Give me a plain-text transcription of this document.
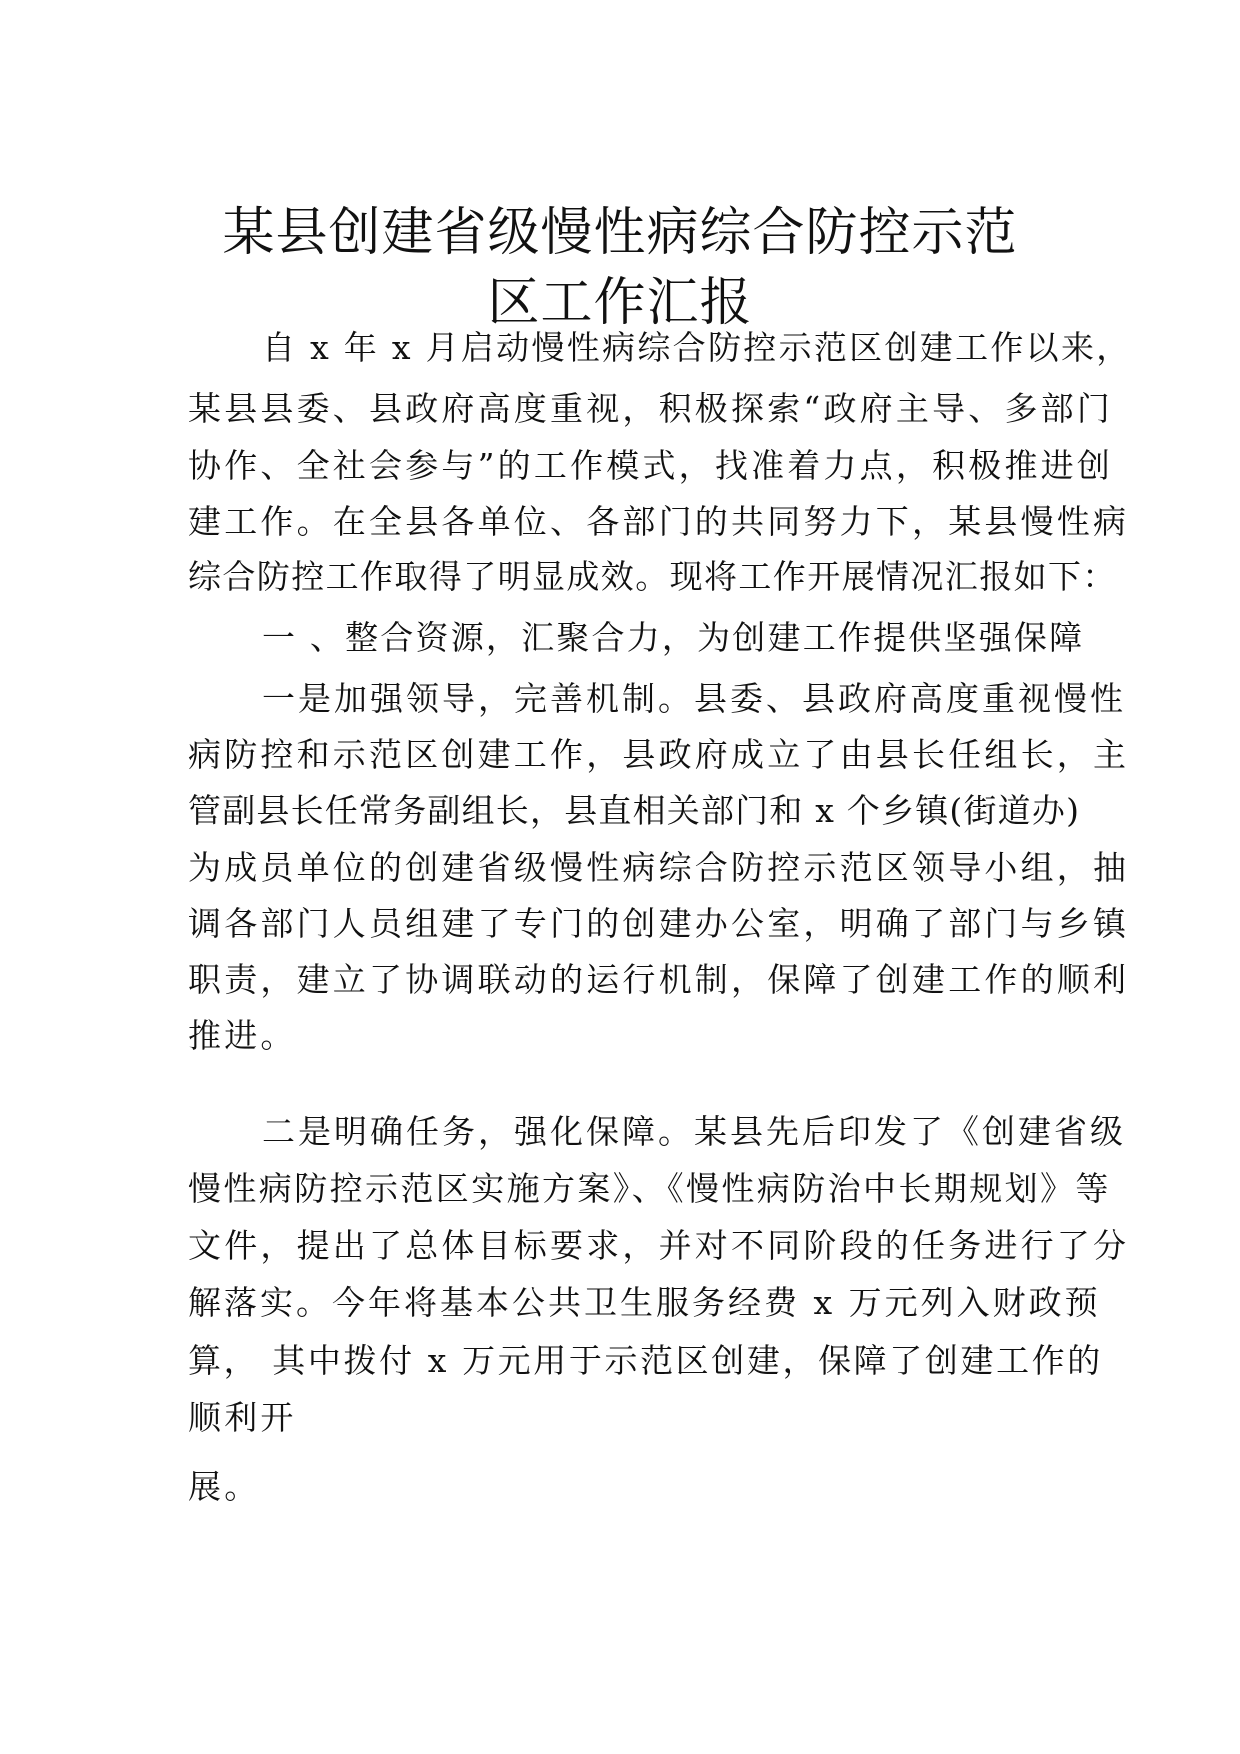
某县创建省级慢性病综合防控示范
区工作汇报
自 x 年 x 月启动慢性病综合防控示范区创建工作以来，
某县县委、县政府高度重视，积极探索“政府主导、多部门
协作、全社会参与”的工作模式，找准着力点，积极推进创
建工作。在全县各单位、各部门的共同努力下，某县慢性病
综合防控工作取得了明显成效。现将工作开展情况汇报如下：
一 、整合资源，汇聚合力，为创建工作提供坚强保障
一是加强领导，完善机制。县委、县政府高度重视慢性
病防控和示范区创建工作，县政府成立了由县长任组长，主
管副县长任常务副组长，县直相关部门和 x 个乡镇(街道办)
为成员单位的创建省级慢性病综合防控示范区领导小组，抽
调各部门人员组建了专门的创建办公室，明确了部门与乡镇
职责，建立了协调联动的运行机制，保障了创建工作的顺利
推进。
二是明确任务，强化保障。某县先后印发了《创建省级
慢性病防控示范区实施方案》、《慢性病防治中长期规划》等
文件，提出了总体目标要求，并对不同阶段的任务进行了分
解落实。今年将基本公共卫生服务经费 x 万元列入财政预
算， 其中拨付 x 万元用于示范区创建，保障了创建工作的
顺利开
展。
